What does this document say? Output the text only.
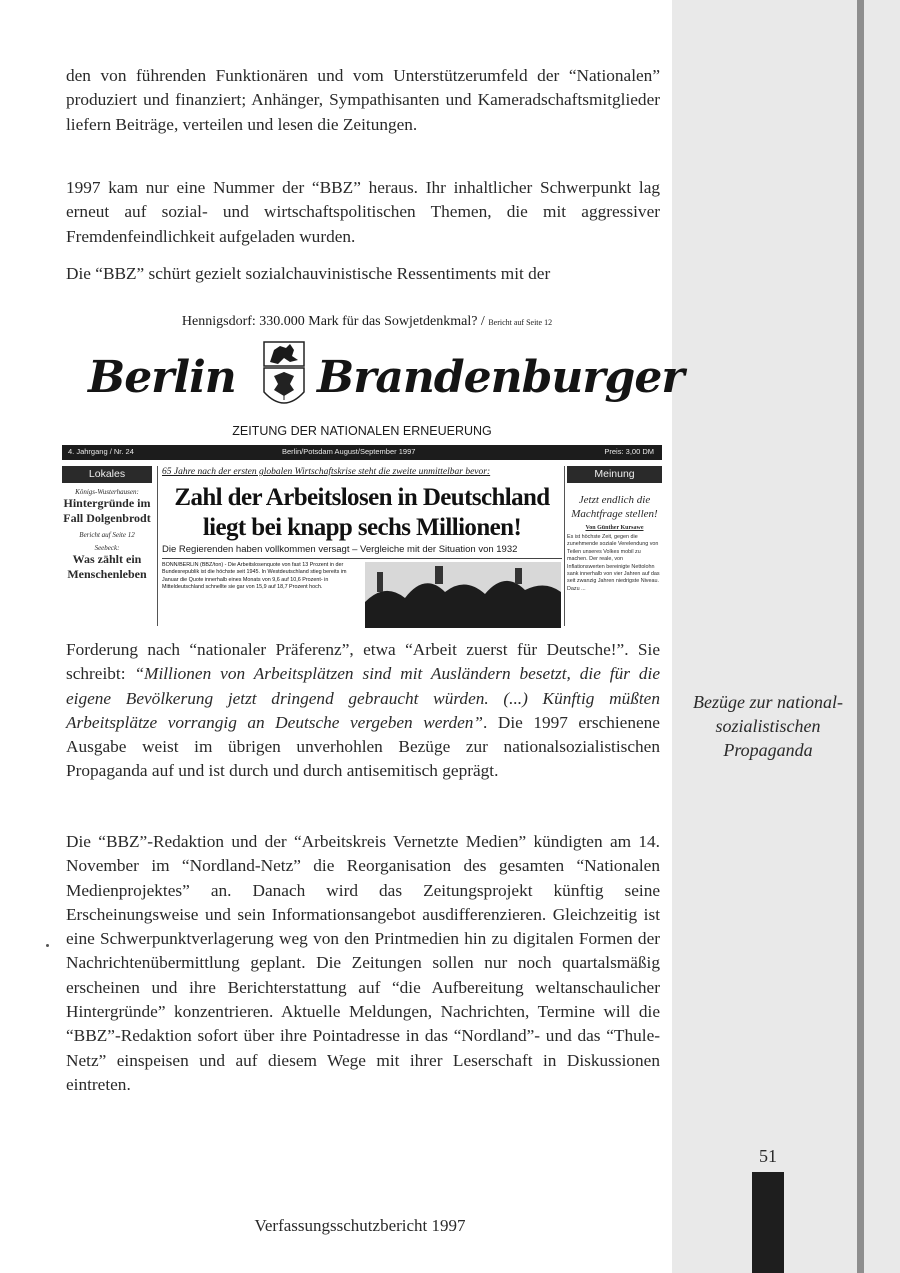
den von führenden Funktionären und vom Unterstützerumfeld der “Nationalen” produziert und finanziert; Anhänger, Sympathisanten und Kameradschaftsmitglieder liefern Beiträge, verteilen und lesen die Zeitungen.

1997 kam nur eine Nummer der “BBZ” heraus. Ihr inhaltlicher Schwerpunkt lag erneut auf sozial- und wirtschaftspolitischen Themen, die mit aggressiver Fremdenfeindlichkeit aufgeladen wurden.

Die “BBZ” schürt gezielt sozialchauvinistische Ressentiments mit der

Hennigsdorf: 330.000 Mark für das Sowjetdenkmal? / Bericht auf Seite 12
Berlin Brandenburger
ZEITUNG DER NATIONALEN ERNEUERUNG
4. Jahrgang / Nr. 24	Berlin/Potsdam August/September 1997	Preis: 3,00 DM
Lokales
Königs-Wusterhausen:
Hintergründe im Fall Dolgenbrodt
Bericht auf Seite 12
Seebeck:
Was zählt ein Menschenleben
65 Jahre nach der ersten globalen Wirtschaftskrise steht die zweite unmittelbar bevor:
Zahl der Arbeitslosen in Deutschland
liegt bei knapp sechs Millionen!
Die Regierenden haben vollkommen versagt – Vergleiche mit der Situation von 1932
BONN/BERLIN (BBZ/ton) - Die Arbeitslosenquote von fast 13 Prozent in der Bundesrepublik ist die höchste seit 1945. In Westdeutschland stieg bereits im Januar die Quote innerhalb eines Monats von 9,6 auf 10,6 Prozent- in Mitteldeutschland schnellte sie gar von 15,9 auf 18,7 Prozent hoch.
Meinung
Jetzt endlich die Machtfrage stellen!
Von Günther Kursawe
Es ist höchste Zeit, gegen die zunehmende soziale Verelendung von Teilen unseres Volkes mobil zu machen. Der reale, von Inflationswerten bereinigte Nettolohn sank innerhalb von vier Jahren auf das seit zwanzig Jahren niedrigste Niveau. Dazu ...

Forderung nach “nationaler Präferenz”, etwa “Arbeit zuerst für Deutsche!”. Sie schreibt: “Millionen von Arbeitsplätzen sind mit Ausländern besetzt, die für die eigene Bevölkerung jetzt dringend gebraucht würden. (...) Künftig müßten Arbeitsplätze vorrangig an Deutsche vergeben werden”. Die 1997 erschienene Ausgabe weist im übrigen unverhohlen Bezüge zur nationalsozialistischen Propaganda auf und ist durch und durch antisemitisch geprägt.

Die “BBZ”-Redaktion und der “Arbeitskreis Vernetzte Medien” kündigten am 14. November im “Nordland-Netz” die Reorganisation des gesamten “Nationalen Medienprojektes” an. Danach wird das Zeitungsprojekt künftig seine Erscheinungsweise und sein Informationsangebot ausdifferenzieren. Gleichzeitig ist eine Schwerpunktverlagerung weg von den Printmedien hin zu digitalen Formen der Nachrichtenübermittlung geplant. Die Zeitungen sollen nur noch quartalsmäßig erscheinen und ihre Berichterstattung auf “die Aufbereitung weltanschaulicher Hintergründe” konzentrieren. Aktuelle Meldungen, Nachrichten, Termine will die “BBZ”-Redaktion sofort über ihre Pointadresse in das “Nordland”- und das “Thule-Netz” einspeisen und auf diesem Wege mit ihrer Leserschaft in Diskussionen eintreten.

Bezüge zur national-sozialistischen Propaganda
51
Verfassungsschutzbericht 1997
